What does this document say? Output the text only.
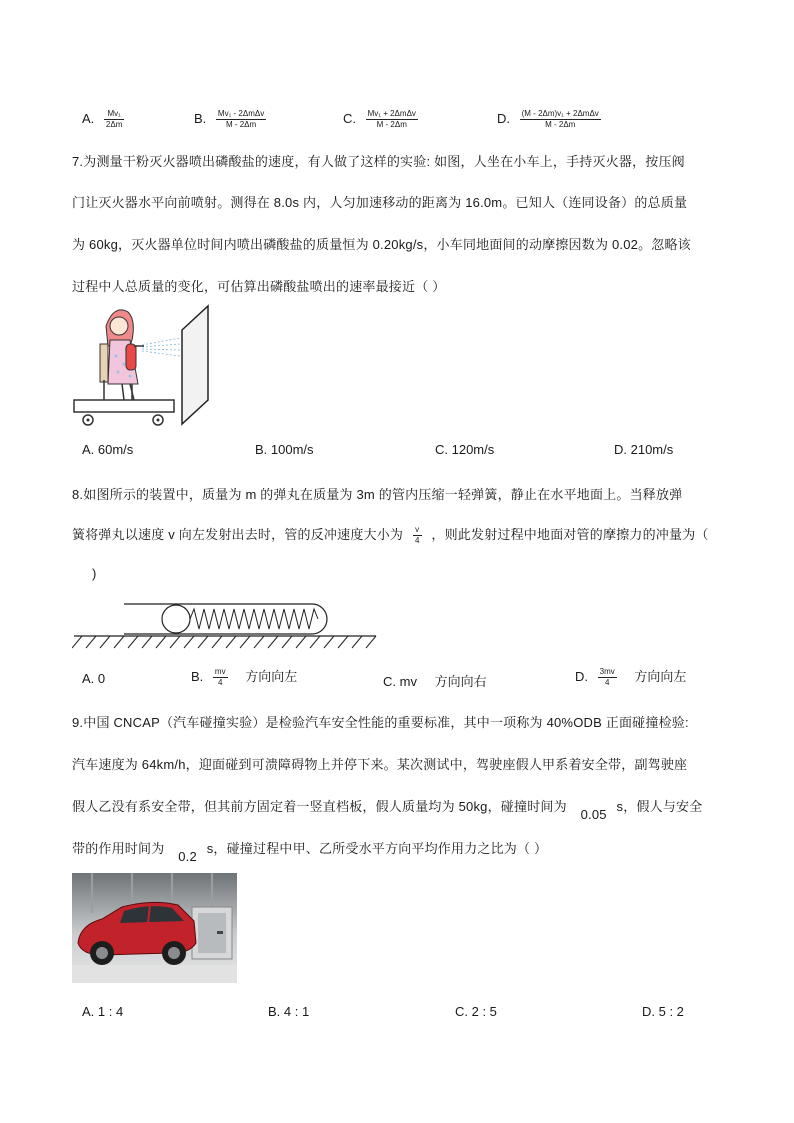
A. $\frac{\text{Mv₁}}{2\Delta m}$	B. $\frac{\text{Mv₁ - 2ΔmΔv}}{M - 2\Delta m}$	C. $\frac{\text{Mv₁ + 2ΔmΔv}}{M - 2\Delta m}$	D. $\frac{\text{(M - 2Δm)v₁ + 2ΔmΔv}}{M - 2\Delta m}$
7.为测量干粉灭火器喷出磷酸盐的速度，有人做了这样的实验: 如图，人坐在小车上，手持灭火器，按压阀
门让灭火器水平向前喷射。测得在 8.0s 内，人匀加速移动的距离为 16.0m。已知人（连同设备）的总质量
为 60kg，灭火器单位时间内喷出磷酸盐的质量恒为 0.20kg/s，小车同地面间的动摩擦因数为 0.02。忽略该
过程中人总质量的变化，可估算出磷酸盐喷出的速率最接近（ ）
A. 60m/s	B. 100m/s	C. 120m/s	D. 210m/s
8.如图所示的装置中，质量为 m 的弹丸在质量为 3m 的管内压缩一轻弹簧，静止在水平地面上。当释放弹
簧将弹丸以速度 v 向左发射出去时，管的反冲速度大小为 $\frac{v}{4}$ ，则此发射过程中地面对管的摩擦力的冲量为（
)
A. 0	B. $\frac{mv}{4}$ 方向向左	C. mv 方向向右	D. $\frac{3mv}{4}$ 方向向左
9.中国 CNCAP（汽车碰撞实验）是检验汽车安全性能的重要标准，其中一项称为 40%ODB 正面碰撞检验:
汽车速度为 64km/h，迎面碰到可溃障碍物上并停下来。某次测试中，驾驶座假人甲系着安全带，副驾驶座
假人乙没有系安全带，但其前方固定着一竖直档板，假人质量均为 50kg，碰撞时间为 0.05 s，假人与安全
带的作用时间为 0.2 s，碰撞过程中甲、乙所受水平方向平均作用力之比为（ ）
A. 1 : 4	B. 4 : 1	C. 2 : 5	D. 5 : 2
